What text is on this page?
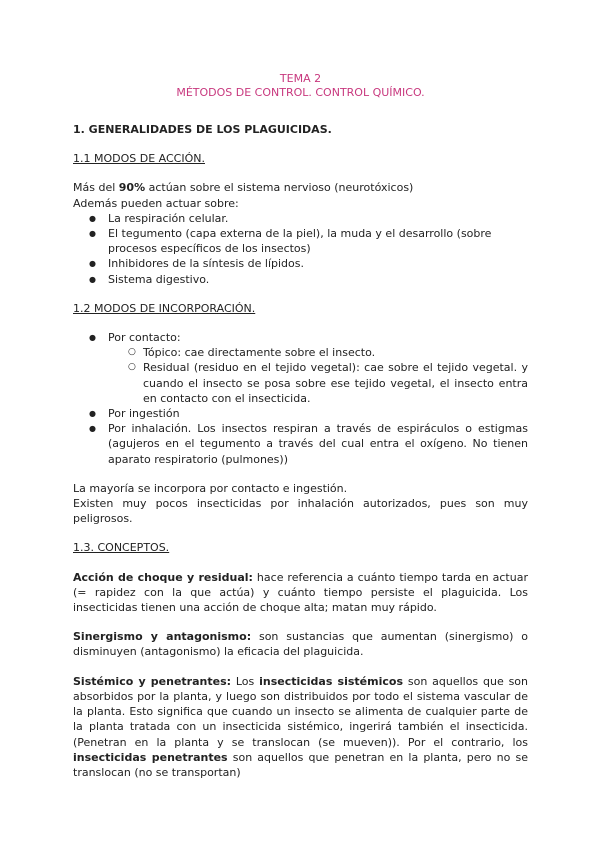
TEMA 2
MÉTODOS DE CONTROL. CONTROL QUÍMICO.
1. GENERALIDADES DE LOS PLAGUICIDAS.
1.1 MODOS DE ACCIÓN.

Más del 90% actúan sobre el sistema nervioso (neurotóxicos)

Además pueden actuar sobre:

● La respiración celular.
● El tegumento (capa externa de la piel), la muda y el desarrollo (sobre procesos específicos de los insectos)
● Inhibidores de la síntesis de lípidos.
● Sistema digestivo.
1.2 MODOS DE INCORPORACIÓN.
● Por contacto:
○ Tópico: cae directamente sobre el insecto.
○ Residual (residuo en el tejido vegetal): cae sobre el tejido vegetal. y cuando el insecto se posa sobre ese tejido vegetal, el insecto entra en contacto con el insecticida.
● Por ingestión
● Por inhalación. Los insectos respiran a través de espiráculos o estigmas (agujeros en el tegumento a través del cual entra el oxígeno. No tienen aparato respiratorio (pulmones))

La mayoría se incorpora por contacto e ingestión.

Existen muy pocos insecticidas por inhalación autorizados, pues son muy peligrosos.

1.3. CONCEPTOS.

Acción de choque y residual: hace referencia a cuánto tiempo tarda en actuar (= rapidez con la que actúa) y cuánto tiempo persiste el plaguicida. Los insecticidas tienen una acción de choque alta; matan muy rápido.

Sinergismo y antagonismo: son sustancias que aumentan (sinergismo) o disminuyen (antagonismo) la eficacia del plaguicida.

Sistémico y penetrantes: Los insecticidas sistémicos son aquellos que son absorbidos por la planta, y luego son distribuidos por todo el sistema vascular de la planta. Esto significa que cuando un insecto se alimenta de cualquier parte de la planta tratada con un insecticida sistémico, ingerirá también el insecticida. (Penetran en la planta y se translocan (se mueven)). Por el contrario, los insecticidas penetrantes son aquellos que penetran en la planta, pero no se translocan (no se transportan)
